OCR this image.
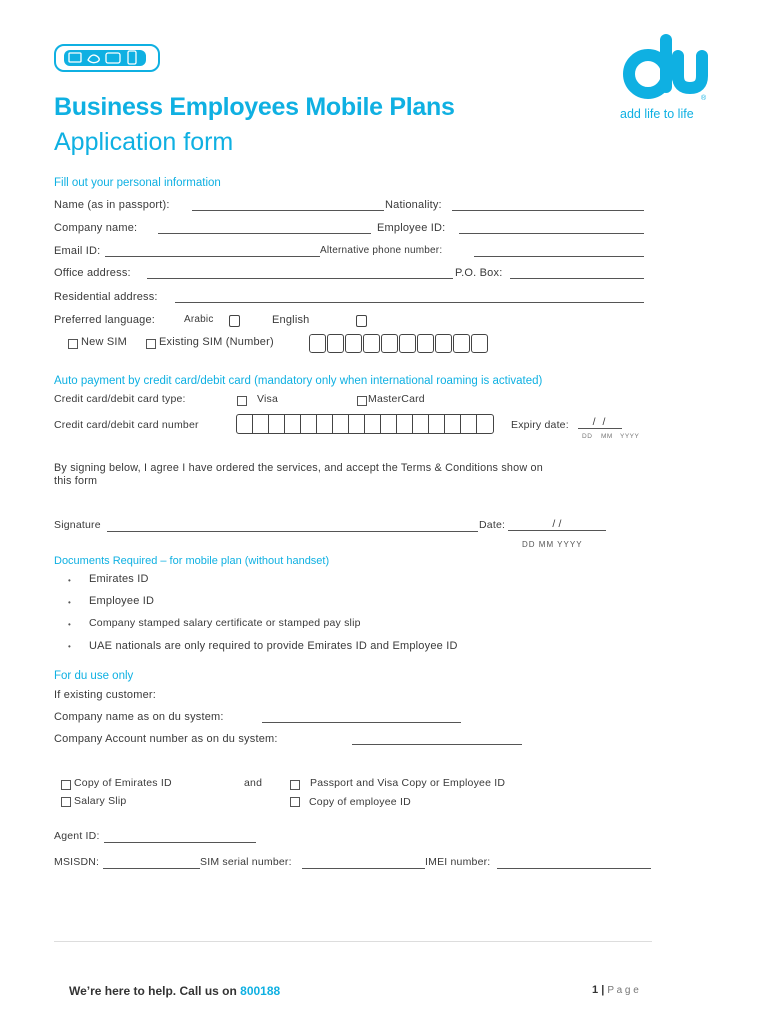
®
add life to life
Business Employees Mobile Plans
Application form
Fill out your personal information
Name (as in passport):	Nationality:
Company name:	Employee ID:
Email ID:	Alternative phone number:
Office address:	P.O. Box:
Residential address:
Preferred language:	Arabic	English
New SIM	Existing SIM (Number)
Auto payment by credit card/debit card (mandatory only when international roaming is activated)
Credit card/debit card type:	Visa	MasterCard
Credit card/debit card number	Expiry date:	/ /
DD MM YYYY
By signing below, I agree I have ordered the services, and accept the Terms & Conditions show on
this form
Signature	Date:	/ /
DD MM YYYY
Documents Required – for mobile plan (without handset)
• Emirates ID
• Employee ID
• Company stamped salary certificate or stamped pay slip
• UAE nationals are only required to provide Emirates ID and Employee ID
For du use only
If existing customer:
Company name as on du system:
Company Account number as on du system:
Copy of Emirates ID	and	Passport and Visa Copy or Employee ID
Salary Slip	Copy of employee ID
Agent ID:
MSISDN:	SIM serial number:	IMEI number:
We’re here to help. Call us on 800188	1 | P a g e
